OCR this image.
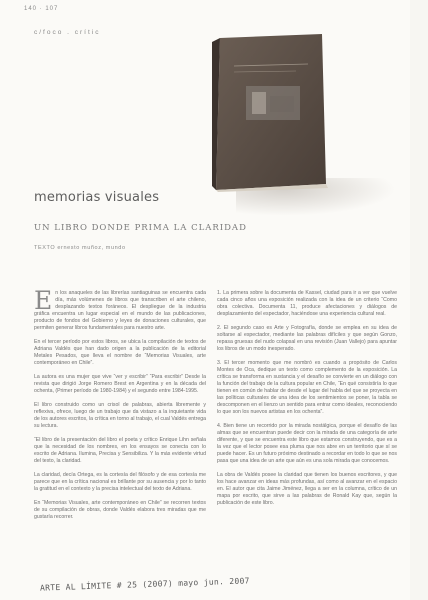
140 · 107
c/foco . crític
memorias visuales
UN LIBRO DONDE PRIMA LA CLARIDAD
TEXTO ernesto muñoz, mundo

En los anaqueles de las librerías santiaguinas se encuentra cada día, más volúmenes de libros que transcriben el arte chileno, desplazando textos foráneos. El despliegue de la industria gráfica encuentra un lugar especial en el mundo de las publicaciones, producto de fondos del Gobierno y leyes de donaciones culturales, que permiten generar libros fundamentales para nuestro arte.

En el tercer período por estos libros, se ubica la compilación de textos de Adriana Valdés que han dado origen a la publicación de la editorial Metales Pesados, que lleva el nombre de “Memorias Visuales, arte contemporáneo en Chile”.

La autora es una mujer que vive “ver y escribir” “Para escribir” Desde la revista que dirigió Jorge Romero Brest en Argentina y en la década del ochenta, (Primer período de 1980-1984) y el segundo entre 1984-1995.

El libro construido como un crisol de palabras, abierta libremente y reflexiva, ofrece, luego de un trabajo que da vistazo a la inquietante vida de los autores escritos, la crítica en torno al trabajo, el cual Valdés entrega su lectura.

“El libro de la presentación del libro el poeta y crítico Enrique Lihn señala que la necesidad de los nombres, en los ensayos se conecta con lo escrito de Adriana. Ilumina, Precisa y Sensibiliza. Y la más evidente virtud del texto, la claridad.

La claridad, decía Ortega, es la cortesía del filósofo y de esa cortesía me parece que en la crítica nacional es brillante por su ausencia y por lo tanto la gratitud en el contexto y la precisa intelectual del texto de Adriana.

En “Memorias Visuales, arte contemporáneo en Chile” se recorren textos de su compilación de obras, donde Valdés elabora tres miradas que me gustaría recorrer.

1. La primera sobre la documenta de Kassel, ciudad para ir a ver que vuelve cada cinco años una exposición realizada con la idea de un criterio “Como obra colectiva. Documenta 11, produce afectaciones y diálogos de desplazamiento del espectador, haciéndose una experiencia cultural real.

2. El segundo caso es Arte y Fotografía, donde se emplea en su idea de soltarse al espectador, mediante las palabras difíciles y que según Gonzo, repasa gruesas del nudo colapsal en una revisión (Juan Vallejo) para apuntar los libros de un modo inesperado.

3. El tercer momento que me nombró es cuando a propósito de Carlos Montes de Oca, dedique un texto como complemento de la exposición. La crítica se transforma en sustancia y el desafío se convierte en un diálogo con la función del trabajo de la cultura popular en Chile, “En qué consistiría lo que tienen en común de hablar de desde el lugar del habla del que se proyecta en las políticas culturales de una idea de los sentimientos se poner, la tabla se descomponen en el lienzo un sentido para entrar como ideales, reconociendo lo que son los nuevos artistas en los ochenta”.

4. Bien tiene un recorrido por la mirada nostálgica, porque el desafío de las almas que se encuentran puede decir con la mirada de una categoría de arte diferente, y que se encuentra este libro que estamos construyendo, que es a la vez que el lector posee esa pluma que nos abre en un territorio que sí se puede hacer. Es un futuro próximo destinado a recordar en todo lo que se nos pasa que una idea de un arte que aún es una sola mirada que conocemos.

La obra de Valdés posee la claridad que tienen los buenos escritores, y que los hace avanzar en ideas más profundas, así como al avanzar en el espacio en. El autor que cita Jaime Jiménez, llega a ser en la columna, crítico de un mapa por escrito, que sirve a las palabras de Ronald Kay que, según la publicación de este libro.

ARTE AL LÍMITE # 25 (2007) mayo jun. 2007
